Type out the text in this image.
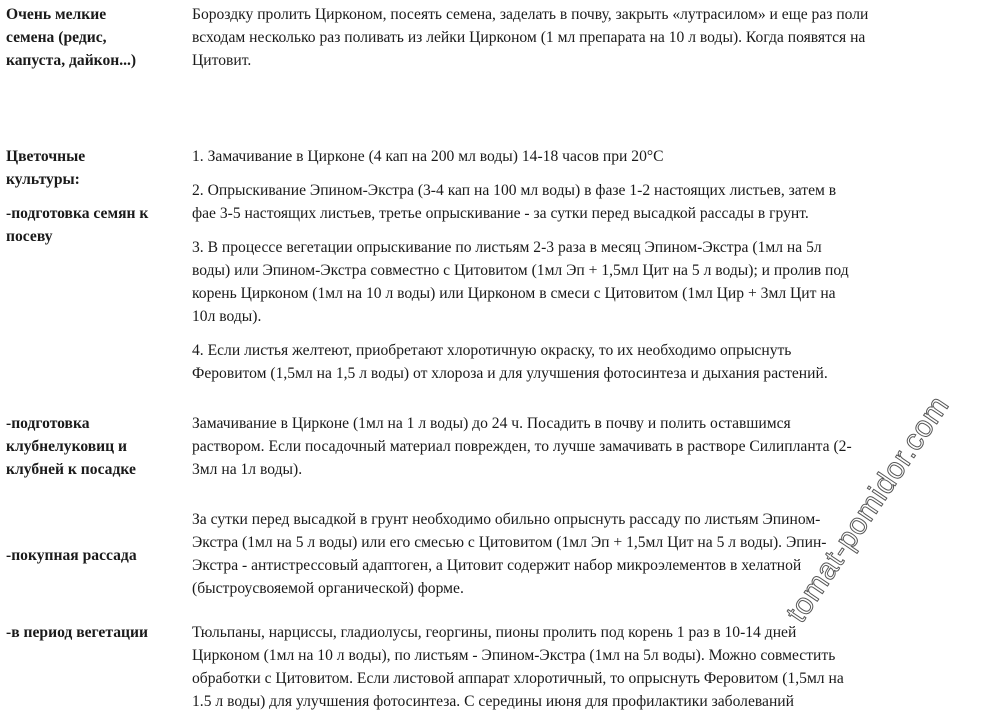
Очень мелкие
семена (редис,
капуста, дайкон...)
Бороздку пролить Цирконом, посеять семена, заделать в почву, закрыть «лутрасилом» и еще раз поли
всходам несколько раз поливать из лейки Цирконом (1 мл препарата на 10 л воды). Когда появятся на
Цитовит.
Цветочные
культуры:
-подготовка семян к
посеву
1. Замачивание в Цирконе (4 кап на 200 мл воды) 14-18 часов при 20°С
2. Опрыскивание Эпином-Экстра (3-4 кап на 100 мл воды) в фазе 1-2 настоящих листьев, затем в
фае 3-5 настоящих листьев, третье опрыскивание - за сутки перед высадкой рассады в грунт.
3. В процессе вегетации опрыскивание по листьям 2-3 раза в месяц Эпином-Экстра (1мл на 5л
воды) или Эпином-Экстра совместно с Цитовитом (1мл Эп + 1,5мл Цит на 5 л воды); и пролив под
корень Цирконом (1мл на 10 л воды) или Цирконом в смеси с Цитовитом (1мл Цир + 3мл Цит на
10л воды).
4. Если листья желтеют, приобретают хлоротичную окраску, то их необходимо опрыснуть
Феровитом (1,5мл на 1,5 л воды) от хлороза и для улучшения фотосинтеза и дыхания растений.
-подготовка
клубнелуковиц и
клубней к посадке
Замачивание в Цирконе (1мл на 1 л воды) до 24 ч. Посадить в почву и полить оставшимся
раствором. Если посадочный материал поврежден, то лучше замачивать в растворе Силипланта (2-
3мл на 1л воды).
-покупная рассада
За сутки перед высадкой в грунт необходимо обильно опрыснуть рассаду по листьям Эпином-
Экстра (1мл на 5 л воды) или его смесью с Цитовитом (1мл Эп + 1,5мл Цит на 5 л воды). Эпин-
Экстра - антистрессовый адаптоген, а Цитовит содержит набор микроэлементов в хелатной
(быстроусвояемой органической) форме.
-в период вегетации	Тюльпаны, нарциссы, гладиолусы, георгины, пионы пролить под корень 1 раз в 10-14 дней
Цирконом (1мл на 10 л воды), по листьям - Эпином-Экстра (1мл на 5л воды). Можно совместить
обработки с Цитовитом. Если листовой аппарат хлоротичный, то опрыснуть Феровитом (1,5мл на
1.5 л воды) для улучшения фотосинтеза. С середины июня для профилактики заболеваний
tomat-pomidor.com
